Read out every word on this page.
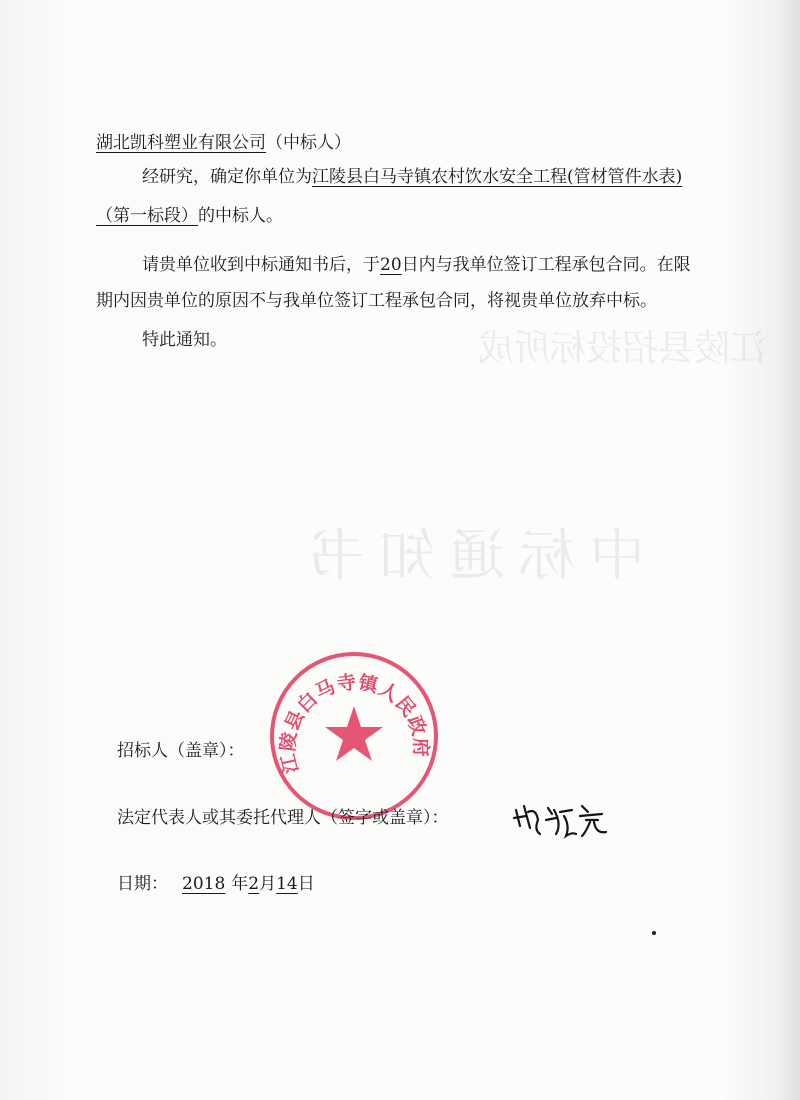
江陵县招投标所成
中标通知书
湖北凯科塑业有限公司（中标人）
经研究，确定你单位为江陵县白马寺镇农村饮水安全工程(管材管件水表)
（第一标段）的中标人。
请贵单位收到中标通知书后，于20日内与我单位签订工程承包合同。在限
期内因贵单位的原因不与我单位签订工程承包合同，将视贵单位放弃中标。
特此通知。
江陵县白马寺镇人民政府
招标人（盖章）：
法定代表人或其委托代理人（签字或盖章）：
日期： 2018 年2月14日
